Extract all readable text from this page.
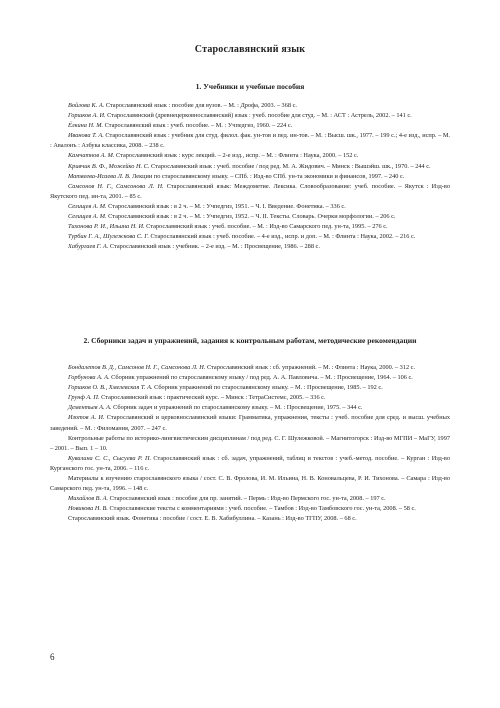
Старославянский язык
1. Учебники и учебные пособия

Войлова К. А. Старославянский язык : пособие для вузов. – М. : Дрофа, 2003. – 368 с.

Горшков А. И. Старославянский (древнецерковнославянский) язык : учеб. пособие для студ. – М. : АСТ : Астрель, 2002. – 141 с.

Ёлкина Н. М. Старославянский язык : учеб. пособие. – М. : Учпедгиз, 1960. – 224 с.

Иванова Т. А. Старославянский язык : учебник для студ. филол. фак. ун-тов и пед. ин-тов. – М. : Высш. шк., 1977. – 199 с.; 4-е изд., испр. – М. : Авалонъ : Азбука классика, 2008. – 238 с.

Камчатнов А. М. Старославянский язык : курс лекций. – 2-е изд., испр. – М. : Флинта : Наука, 2000. – 152 с.

Кривчик В. Ф., Можейко Н. С. Старославянский язык : учеб. пособие / под ред. М. А. Жидович. – Минск : Вышэйш. шк., 1970. – 244 с.

Матвеева-Исаева Л. В. Лекции по старославянскому языку. – СПб. : Изд-во СПб. ун-та экономики и финансов, 1997. – 240 с.

Самсонов Н. Г., Самсонова Л. Н. Старославянский язык: Междометие. Лексика. Словообразование: учеб. пособие. – Якутск : Изд-во Якутского пед. ин-та, 2001. – 85 с.

Селищев А. М. Старославянский язык : в 2 ч. – М. : Учпедгиз, 1951. – Ч. I. Введение. Фонетика. – 336 с.

Селищев А. М. Старославянский язык : в 2 ч. – М. : Учпедгиз, 1952. – Ч. II. Тексты. Словарь. Очерки морфологии. – 206 с.

Тихонова Р. И., Ильина Н. И. Старославянский язык : учеб. пособие. – М. : Изд-во Самарского пед. ун-та, 1995. – 276 с.

Турбин Г. А., Шулежкова С. Г. Старославянский язык : учеб. пособие. – 4-е изд., испр. и доп. – М. : Флинта : Наука, 2002. – 216 с.

Хабургаев Г. А. Старославянский язык : учебник. – 2-е изд. – М. : Просвещение, 1986. – 288 с.

2. Сборники задач и упражнений, задания к контрольным работам, методические рекомендации

Бондалетов В. Д., Самсонов Н. Г., Самсонова Л. Н. Старославянский язык : сб. упражнений. – М. : Флинта : Наука, 2000. – 312 с.

Горбунова А. А. Сборник упражнений по старославянскому языку / под ред. А. А. Павловича. – М. : Просвещение, 1964. – 106 с.

Горшков О. В., Хмелевская Т. А. Сборник упражнений по старославянскому языку. – М. : Просвещение, 1985. – 192 с.

Грунф А. П. Старославянский язык : практический курс. – Минск : ТетраСистемс, 2005. – 336 с.

Дементьев А. А. Сборник задач и упражнений по старославянскому языку. – М. : Просвещение, 1975. – 344 с.

Изотов А. И. Старославянский и церковнославянский языки: Грамматика, упражнения, тексты : учеб. пособие для сред. и высш. учебных заведений. – М. : Филомания, 2007. – 247 с.

Контрольные работы по историко-лингвистическим дисциплинам / под ред. С. Г. Шулежковой. – Магнитогорск : Изд-во МГПИ – МаГУ, 1997 – 2001. – Вып. 1 – 10.

Кувалина С. С., Сысуева Р. П. Старославянский язык : сб. задач, упражнений, таблиц и текстов : учеб.-метод. пособие. – Курган : Изд-во Курганского гос. ун-та, 2006. – 116 с.

Материалы к изучению старославянского языка / сост. С. В. Фролова, И. М. Ильина, Н. В. Коновальцева, Р. И. Тихонова. – Самара : Изд-во Самарского пед. ун-та, 1996. – 148 с.

Михайлов В. А. Старославянский язык : пособие для пр. занятий. – Пермь : Изд-во Пермского гос. ун-та, 2008. – 197 с.

Новикова Н. В. Старославянские тексты с комментариями : учеб. пособие. – Тамбов : Изд-во Тамбовского гос. ун-та, 2008. – 58 с.

Старославянский язык. Фонетика : пособие / сост. Е. В. Хабибуллина. – Казань : Изд-во ТГПУ, 2008. – 68 с.

6
